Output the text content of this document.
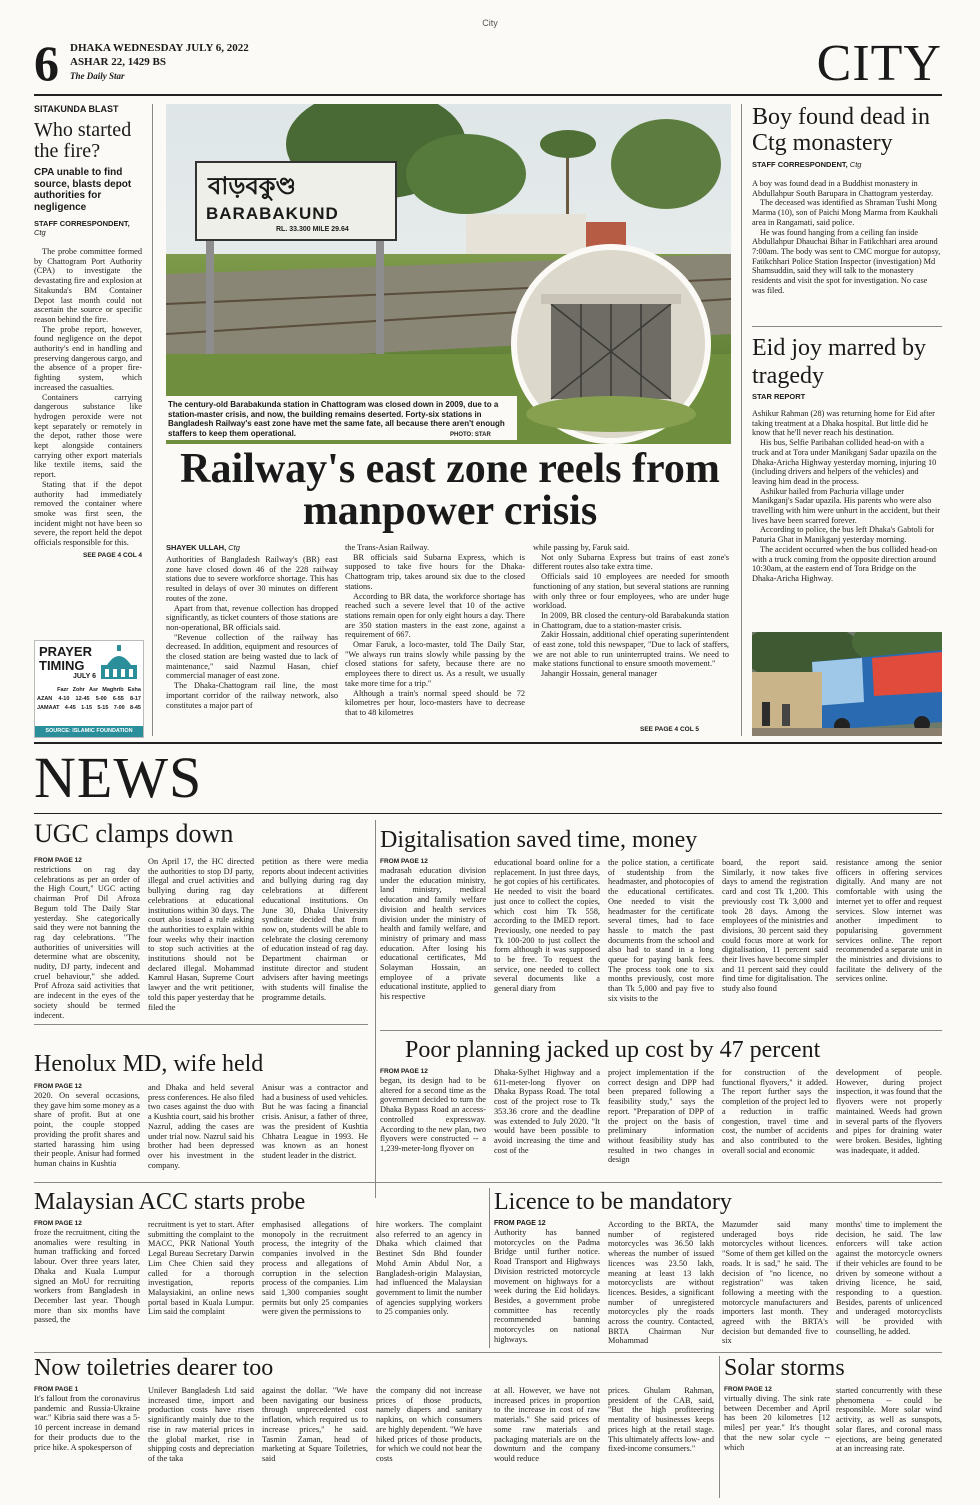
City
6 DHAKA WEDNESDAY JULY 6, 2022
ASHAR 22, 1429 BS
The Daily Star	CITY
SITAKUNDA BLAST
Who started the fire?
CPA unable to find source, blasts depot authorities for negligence
STAFF CORRESPONDENT, Ctg

The probe committee formed by Chattogram Port Authority (CPA) to investigate the devastating fire and explosion at Sitakunda's BM Container Depot last month could not ascertain the source or specific reason behind the fire.

The probe report, however, found negligence on the depot authority's end in handling and preserving dangerous cargo, and the absence of a proper fire-fighting system, which increased the casualties.

Containers carrying dangerous substance like hydrogen peroxide were not kept separately or remotely in the depot, rather those were kept alongside containers carrying other export materials like textile items, said the report.

Stating that if the depot authority had immediately removed the container where smoke was first seen, the incident might not have been so severe, the report held the depot officials responsible for this.

SEE PAGE 4 COL 4
PRAYER TIMING
JULY 6
Fazr Zohr Asr Maghrib Esha
AZAN 4-10 12-45 5-00 6-55 8-17
JAMAAT 4-45 1-15 5-15 7-00 8-45
SOURCE: ISLAMIC FOUNDATION
বাড়বকুণ্ড
BARABAKUND
RL. 33.300 MILE 29.64
The century-old Barabakunda station in Chattogram was closed down in 2009, due to a station-master crisis, and now, the building remains deserted. Forty-six stations in Bangladesh Railway's east zone have met the same fate, all because there aren't enough staffers to keep them operational.	PHOTO: STAR
Railway's east zone reels from manpower crisis
SHAYEK ULLAH, Ctg

Authorities of Bangladesh Railway's (BR) east zone have closed down 46 of the 228 railway stations due to severe workforce shortage. This has resulted in delays of over 30 minutes on different routes of the zone.

Apart from that, revenue collection has dropped significantly, as ticket counters of those stations are non-operational, BR officials said.

"Revenue collection of the railway has decreased. In addition, equipment and resources of the closed station are being wasted due to lack of maintenance," said Nazmul Hasan, chief commercial manager of east zone.

The Dhaka-Chattogram rail line, the most important corridor of the railway network, also constitutes a major part of

the Trans-Asian Railway.

BR officials said Subarna Express, which is supposed to take five hours for the Dhaka-Chattogram trip, takes around six due to the closed stations.

According to BR data, the workforce shortage has reached such a severe level that 10 of the active stations remain open for only eight hours a day. There are 350 station masters in the east zone, against a requirement of 667.

Omar Faruk, a loco-master, told The Daily Star, "We always run trains slowly while passing by the closed stations for safety, because there are no employees there to direct us. As a result, we usually take more time for a trip."

Although a train's normal speed should be 72 kilometres per hour, loco-masters have to decrease that to 48 kilometres

while passing by, Faruk said.

Not only Subarna Express but trains of east zone's different routes also take extra time.

Officials said 10 employees are needed for smooth functioning of any station, but several stations are running with only three or four employees, who are under huge workload.

In 2009, BR closed the century-old Barabakunda station in Chattogram, due to a station-master crisis.

Zakir Hossain, additional chief operating superintendent of east zone, told this newspaper, "Due to lack of staffers, we are not able to run uninterrupted trains. We need to make stations functional to ensure smooth movement."

Jahangir Hossain, general manager

SEE PAGE 4 COL 5
Boy found dead in Ctg monastery
STAFF CORRESPONDENT, Ctg

A boy was found dead in a Buddhist monastery in Abdullahpur South Barupara in Chattogram yesterday.

The deceased was identified as Shraman Tushi Mong Marma (10), son of Paichi Mong Marma from Kaukhali area in Rangamati, said police.

He was found hanging from a ceiling fan inside Abdullahpur Dhauchai Bihar in Fatikchhari area around 7:00am. The body was sent to CMC morgue for autopsy, Fatikchhari Police Station Inspector (investigation) Md Shamsuddin, said they will talk to the monastery residents and visit the spot for investigation. No case was filed.

Eid joy marred by tragedy
STAR REPORT

Ashikur Rahman (28) was returning home for Eid after taking treatment at a Dhaka hospital. But little did he know that he'll never reach his destination.

His bus, Selfie Paribahan collided head-on with a truck and at Tora under Manikganj Sadar upazila on the Dhaka-Aricha Highway yesterday morning, injuring 10 (including drivers and helpers of the vehicles) and leaving him dead in the process.

Ashikur hailed from Pachuria village under Manikganj's Sadar upazila. His parents who were also travelling with him were unhurt in the accident, but their lives have been scarred forever.

According to police, the bus left Dhaka's Gabtoli for Paturia Ghat in Manikganj yesterday morning.

The accident occurred when the bus collided head-on with a truck coming from the opposite direction around 10:30am, at the eastern end of Tora Bridge on the Dhaka-Aricha Highway.

NEWS
UGC clamps down
FROM PAGE 12
restrictions on rag day celebrations as per an order of the High Court," UGC acting chairman Prof Dil Afroza Begum told The Daily Star yesterday. She categorically said they were not banning the rag day celebrations. "The authorities of universities will determine what are obscenity, nudity, DJ party, indecent and cruel behaviour," she added. Prof Afroza said activities that are indecent in the eyes of the society should be termed indecent.
On April 17, the HC directed the authorities to stop DJ party, illegal and cruel activities and bullying during rag day celebrations at educational institutions within 30 days. The court also issued a rule asking the authorities to explain within four weeks why their inaction to stop such activities at the institutions should not be declared illegal. Mohammad Kamrul Hasan, Supreme Court lawyer and the writ petitioner, told this paper yesterday that he filed the
petition as there were media reports about indecent activities and bullying during rag day celebrations at different educational institutions. On June 30, Dhaka University syndicate decided that from now on, students will be able to celebrate the closing ceremony of education instead of rag day. Department chairman or institute director and student advisers after having meetings with students will finalise the programme details.
Digitalisation saved time, money
FROM PAGE 12
madrasah education division under the education ministry, land ministry, medical education and family welfare division and health services division under the ministry of health and family welfare, and ministry of primary and mass education. After losing his educational certificates, Md Solayman Hossain, an employee of a private educational institute, applied to his respective
educational board online for a replacement. In just three days, he got copies of his certificates. He needed to visit the board just once to collect the copies, which cost him Tk 558, according to the IMED report. Previously, one needed to pay Tk 100-200 to just collect the form although it was supposed to be free. To request the service, one needed to collect several documents like a general diary from
the police station, a certificate of studentship from the headmaster, and photocopies of the educational certificates. One needed to visit the headmaster for the certificate several times, had to face hassle to match the past documents from the school and also had to stand in a long queue for paying bank fees. The process took one to six months previously, cost more than Tk 5,000 and pay five to six visits to the
board, the report said. Similarly, it now takes five days to amend the registration card and cost Tk 1,200. This previously cost Tk 3,000 and took 28 days. Among the employees of the ministries and divisions, 30 percent said they could focus more at work for digitalisation, 11 percent said their lives have become simpler and 11 percent said they could find time for digitalisation. The study also found
resistance among the senior officers in offering services digitally. And many are not comfortable with using the internet yet to offer and request services. Slow internet was another impediment to popularising government services online. The report recommended a separate unit in the ministries and divisions to facilitate the delivery of the services online.
Henolux MD, wife held
FROM PAGE 12
2020. On several occasions, they gave him some money as a share of profit. But at one point, the couple stopped providing the profit shares and started harassing him using their people. Anisur had formed human chains in Kushtia
and Dhaka and held several press conferences. He also filed two cases against the duo with a Kushtia court, said his brother Nazrul, adding the cases are under trial now. Nazrul said his brother had been depressed over his investment in the company.
Anisur was a contractor and had a business of used vehicles. But he was facing a financial crisis. Anisur, a father of three, was the president of Kushtia Chhatra League in 1993. He was known as an honest student leader in the district.
Poor planning jacked up cost by 47 percent
FROM PAGE 12
began, its design had to be altered for a second time as the government decided to turn the Dhaka Bypass Road an access-controlled expressway. According to the new plan, two flyovers were constructed -- a 1,239-meter-long flyover on
Dhaka-Sylhet Highway and a 611-meter-long flyover on Dhaka Bypass Road. The total cost of the project rose to Tk 353.36 crore and the deadline was extended to July 2020. "It would have been possible to avoid increasing the time and cost of the
project implementation if the correct design and DPP had been prepared following a feasibility study," says the report. "Preparation of DPP of the project on the basis of preliminary information without feasibility study has resulted in two changes in design
for construction of the functional flyovers," it added. The report further says the completion of the project led to a reduction in traffic congestion, travel time and cost, the number of accidents and also contributed to the overall social and economic
development of people. However, during project inspection, it was found that the flyovers were not properly maintained. Weeds had grown in several parts of the flyovers and pipes for draining water were broken. Besides, lighting was inadequate, it added.
Malaysian ACC starts probe
FROM PAGE 12
froze the recruitment, citing the anomalies were resulting in human trafficking and forced labour. Over three years later, Dhaka and Kuala Lumpur signed an MoU for recruiting workers from Bangladesh in December last year. Though more than six months have passed, the
recruitment is yet to start. After submitting the complaint to the MACC, PKR National Youth Legal Bureau Secretary Darwin Lim Chee Chien said they called for a thorough investigation, reports Malaysiakini, an online news portal based in Kuala Lumpur. Lim said the complaint
emphasised allegations of monopoly in the recruitment process, the integrity of the companies involved in the process and allegations of corruption in the selection process of the companies. Lim said 1,300 companies sought permits but only 25 companies were given the permissions to
hire workers. The complaint also referred to an agency in Dhaka which claimed that Bestinet Sdn Bhd founder Mohd Amin Abdul Nor, a Bangladesh-origin Malaysian, had influenced the Malaysian government to limit the number of agencies supplying workers to 25 companies only.
Licence to be mandatory
FROM PAGE 12
Authority has banned motorcycles on the Padma Bridge until further notice. Road Transport and Highways Division restricted motorcycle movement on highways for a week during the Eid holidays. Besides, a government probe committee has recently recommended banning motorcycles on national highways.
According to the BRTA, the number of registered motorcycles was 36.50 lakh whereas the number of issued licences was 23.50 lakh, meaning at least 13 lakh motorcyclists are without licences. Besides, a significant number of unregistered motorcycles ply the roads across the country. Contacted, BRTA Chairman Nur Mohammad
Mazumder said many underaged boys ride motorcycles without licences. "Some of them get killed on the roads. It is sad," he said. The decision of "no licence, no registration" was taken following a meeting with the motorcycle manufacturers and importers last month. They agreed with the BRTA's decision but demanded five to six
months' time to implement the decision, he said. The law enforcers will take action against the motorcycle owners if their vehicles are found to be driven by someone without a driving licence, he said, responding to a question. Besides, parents of unlicenced and underaged motorcyclists will be provided with counselling, he added.
Now toiletries dearer too
FROM PAGE 1
It's fallout from the coronavirus pandemic and Russia-Ukraine war." Kibria said there was a 5-10 percent increase in demand for their products due to the price hike. A spokesperson of
Unilever Bangladesh Ltd said increased time, import and production costs have risen significantly mainly due to the rise in raw material prices in the global market, rise in shipping costs and depreciation of the taka
against the dollar. "We have been navigating our business through unprecedented cost inflation, which required us to increase prices," he said. Tasmin Zaman, head of marketing at Square Toiletries, said
the company did not increase prices of those products, namely diapers and sanitary napkins, on which consumers are highly dependent. "We have hiked prices of those products, for which we could not bear the costs
at all. However, we have not increased prices in proportion to the increase in cost of raw materials." She said prices of some raw materials and packaging materials are on the downturn and the company would reduce
prices. Ghulam Rahman, president of the CAB, said, "But the high profiteering mentality of businesses keeps prices high at the retail stage. This ultimately affects low- and fixed-income consumers."
Solar storms
FROM PAGE 12
virtually diving. The sink rate between December and April has been 20 kilometres [12 miles] per year." It's thought that the new solar cycle -- which
started concurrently with these phenomena -- could be responsible. More solar wind activity, as well as sunspots, solar flares, and coronal mass ejections, are being generated at an increasing rate.
